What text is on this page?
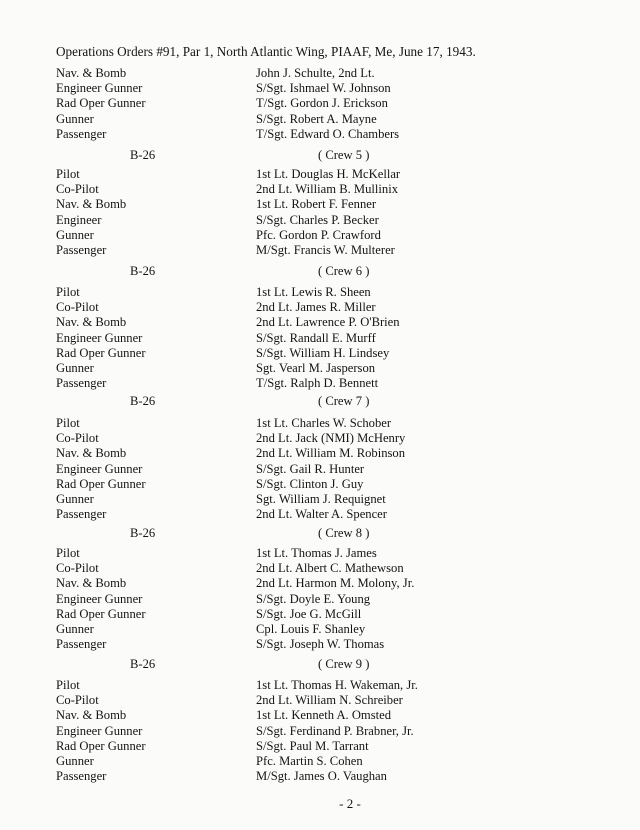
Operations Orders #91, Par 1, North Atlantic Wing, PIAAF, Me, June 17, 1943.
Nav. & Bomb	John J. Schulte, 2nd Lt.
Engineer Gunner	S/Sgt. Ishmael W. Johnson
Rad Oper Gunner	T/Sgt. Gordon J. Erickson
Gunner	S/Sgt. Robert A. Mayne
Passenger	T/Sgt. Edward O. Chambers
B-26	( Crew 5 )
Pilot	1st Lt. Douglas H. McKellar
Co-Pilot	2nd Lt. William B. Mullinix
Nav. & Bomb	1st Lt. Robert F. Fenner
Engineer	S/Sgt. Charles P. Becker
Gunner	Pfc. Gordon P. Crawford
Passenger	M/Sgt. Francis W. Multerer
B-26	( Crew 6 )
Pilot	1st Lt. Lewis R. Sheen
Co-Pilot	2nd Lt. James R. Miller
Nav. & Bomb	2nd Lt. Lawrence P. O'Brien
Engineer Gunner	S/Sgt. Randall E. Murff
Rad Oper Gunner	S/Sgt. William H. Lindsey
Gunner	Sgt. Vearl M. Jasperson
Passenger	T/Sgt. Ralph D. Bennett
B-26	( Crew 7 )
Pilot	1st Lt. Charles W. Schober
Co-Pilot	2nd Lt. Jack (NMI) McHenry
Nav. & Bomb	2nd Lt. William M. Robinson
Engineer Gunner	S/Sgt. Gail R. Hunter
Rad Oper Gunner	S/Sgt. Clinton J. Guy
Gunner	Sgt. William J. Requignet
Passenger	2nd Lt. Walter A. Spencer
B-26	( Crew 8 )
Pilot	1st Lt. Thomas J. James
Co-Pilot	2nd Lt. Albert C. Mathewson
Nav. & Bomb	2nd Lt. Harmon M. Molony, Jr.
Engineer Gunner	S/Sgt. Doyle E. Young
Rad Oper Gunner	S/Sgt. Joe G. McGill
Gunner	Cpl. Louis F. Shanley
Passenger	S/Sgt. Joseph W. Thomas
B-26	( Crew 9 )
Pilot	1st Lt. Thomas H. Wakeman, Jr.
Co-Pilot	2nd Lt. William N. Schreiber
Nav. & Bomb	1st Lt. Kenneth A. Omsted
Engineer Gunner	S/Sgt. Ferdinand P. Brabner, Jr.
Rad Oper Gunner	S/Sgt. Paul M. Tarrant
Gunner	Pfc. Martin S. Cohen
Passenger	M/Sgt. James O. Vaughan
- 2 -
